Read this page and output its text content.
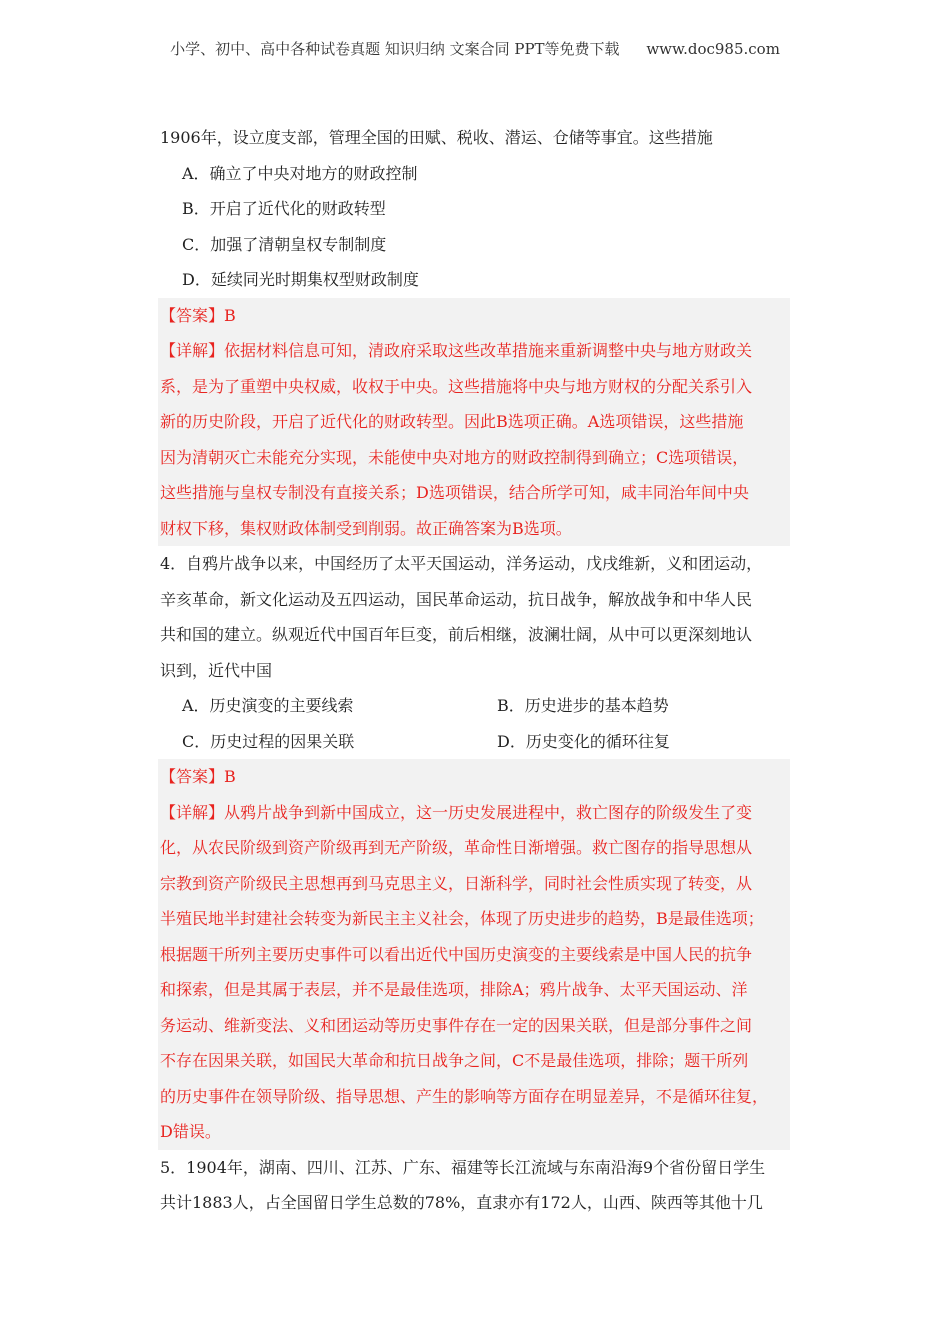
小学、初中、高中各种试卷真题 知识归纳 文案合同 PPT等免费下载 www.doc985.com
1906年，设立度支部，管理全国的田赋、税收、潜运、仓储等事宜。这些措施
A．确立了中央对地方的财政控制
B．开启了近代化的财政转型
C．加强了清朝皇权专制制度
D．延续同光时期集权型财政制度
【答案】B
【详解】依据材料信息可知，清政府采取这些改革措施来重新调整中央与地方财政关
系，是为了重塑中央权威，收权于中央。这些措施将中央与地方财权的分配关系引入
新的历史阶段，开启了近代化的财政转型。因此B选项正确。A选项错误，这些措施
因为清朝灭亡未能充分实现，未能使中央对地方的财政控制得到确立；C选项错误，
这些措施与皇权专制没有直接关系；D选项错误，结合所学可知，咸丰同治年间中央
财权下移，集权财政体制受到削弱。故正确答案为B选项。
4．自鸦片战争以来，中国经历了太平天国运动，洋务运动，戊戌维新，义和团运动，
辛亥革命，新文化运动及五四运动，国民革命运动，抗日战争，解放战争和中华人民
共和国的建立。纵观近代中国百年巨变，前后相继，波澜壮阔，从中可以更深刻地认
识到，近代中国
A．历史演变的主要线索	B．历史进步的基本趋势
C．历史过程的因果关联	D．历史变化的循环往复
【答案】B
【详解】从鸦片战争到新中国成立，这一历史发展进程中，救亡图存的阶级发生了变
化，从农民阶级到资产阶级再到无产阶级，革命性日渐增强。救亡图存的指导思想从
宗教到资产阶级民主思想再到马克思主义，日渐科学，同时社会性质实现了转变，从
半殖民地半封建社会转变为新民主主义社会，体现了历史进步的趋势，B是最佳选项；
根据题干所列主要历史事件可以看出近代中国历史演变的主要线索是中国人民的抗争
和探索，但是其属于表层，并不是最佳选项，排除A；鸦片战争、太平天国运动、洋
务运动、维新变法、义和团运动等历史事件存在一定的因果关联，但是部分事件之间
不存在因果关联，如国民大革命和抗日战争之间，C不是最佳选项，排除；题干所列
的历史事件在领导阶级、指导思想、产生的影响等方面存在明显差异，不是循环往复，
D错误。
5．1904年，湖南、四川、江苏、广东、福建等长江流域与东南沿海9个省份留日学生
共计1883人，占全国留日学生总数的78%，直隶亦有172人，山西、陕西等其他十几
